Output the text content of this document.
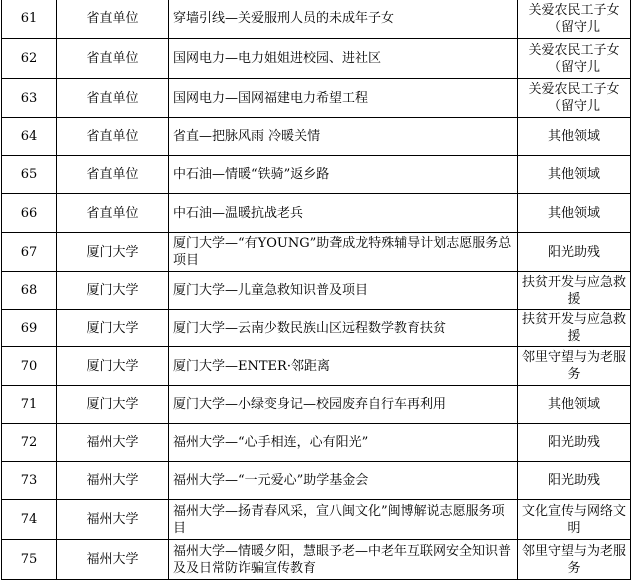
61	省直单位	穿墙引线—关爱服刑人员的未成年子女	关爱农民工子女（留守儿
62	省直单位	国网电力—电力姐姐进校园、进社区	关爱农民工子女（留守儿
63	省直单位	国网电力—国网福建电力希望工程	关爱农民工子女（留守儿
64	省直单位	省直—把脉风雨 冷暖关情	其他领域
65	省直单位	中石油—情暖“铁骑”返乡路	其他领域
66	省直单位	中石油—温暖抗战老兵	其他领域
67	厦门大学	厦门大学—“有YOUNG”助聋成龙特殊辅导计划志愿服务总项目	阳光助残
68	厦门大学	厦门大学—儿童急救知识普及项目	扶贫开发与应急救援
69	厦门大学	厦门大学—云南少数民族山区远程数学教育扶贫	扶贫开发与应急救援
70	厦门大学	厦门大学—ENTER·邻距离	邻里守望与为老服务
71	厦门大学	厦门大学—小绿变身记—校园废弃自行车再利用	其他领域
72	福州大学	福州大学—“心手相连，心有阳光”	阳光助残
73	福州大学	福州大学—“一元爱心”助学基金会	阳光助残
74	福州大学	福州大学—扬青春风采，宣八闽文化”闽博解说志愿服务项目	文化宣传与网络文明
75	福州大学	福州大学—情暖夕阳，慧眼予老—中老年互联网安全知识普及及日常防诈骗宣传教育	邻里守望与为老服务
